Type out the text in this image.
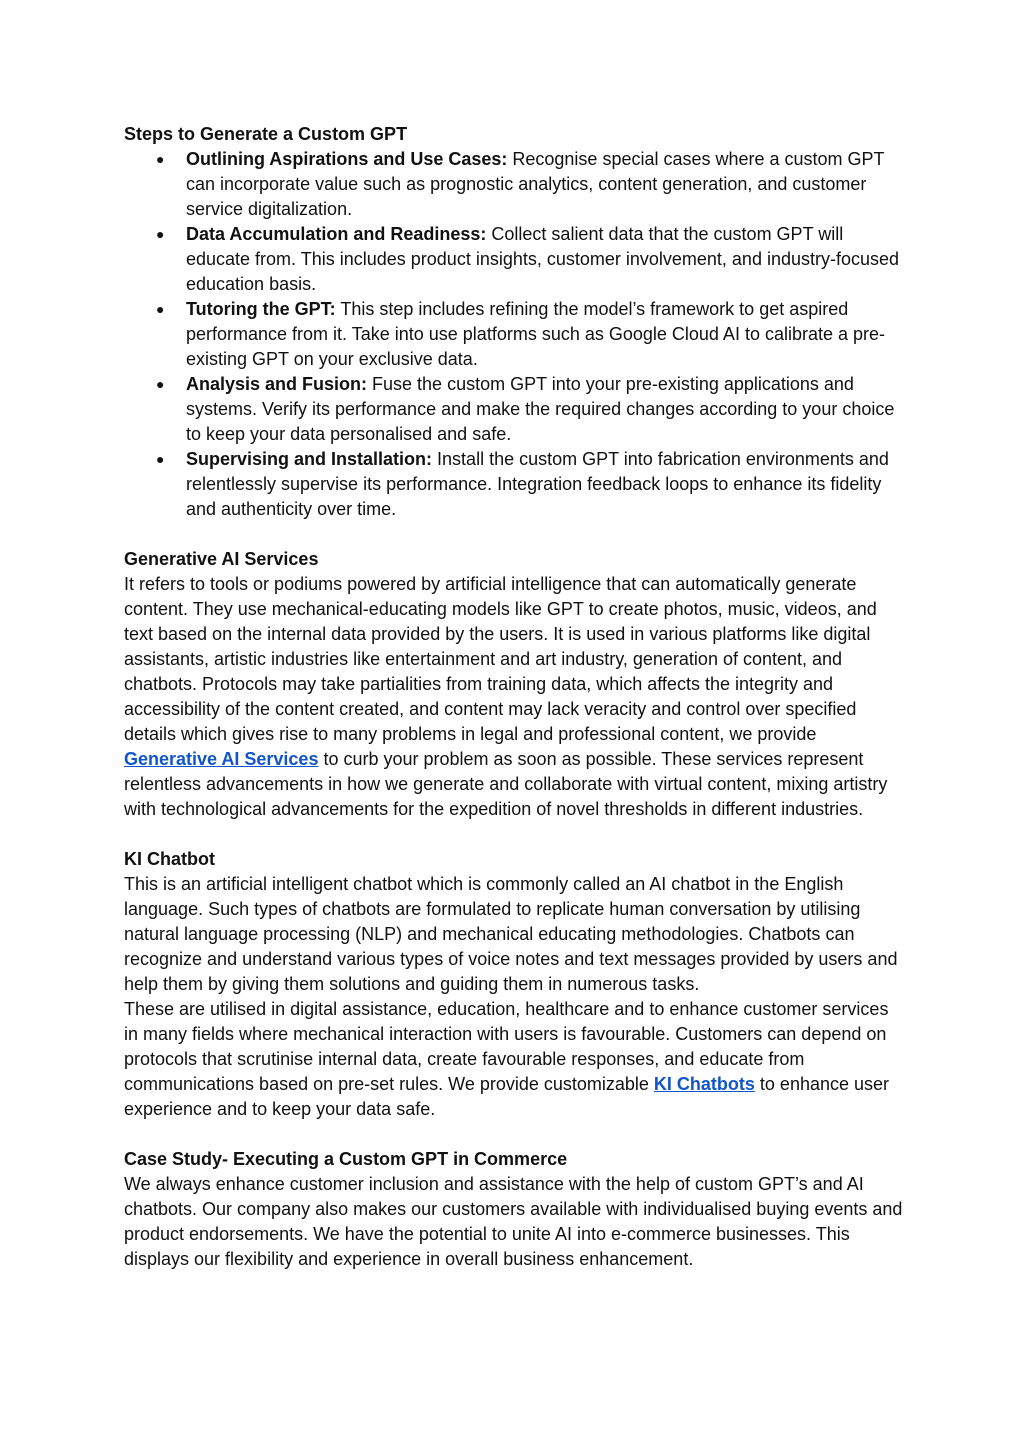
Steps to Generate a Custom GPT

● Outlining Aspirations and Use Cases: Recognise special cases where a custom GPT can incorporate value such as prognostic analytics, content generation, and customer service digitalization.
● Data Accumulation and Readiness: Collect salient data that the custom GPT will educate from. This includes product insights, customer involvement, and industry-focused education basis.
● Tutoring the GPT: This step includes refining the model’s framework to get aspired performance from it. Take into use platforms such as Google Cloud AI to calibrate a pre-existing GPT on your exclusive data.
● Analysis and Fusion: Fuse the custom GPT into your pre-existing applications and systems. Verify its performance and make the required changes according to your choice to keep your data personalised and safe.
● Supervising and Installation: Install the custom GPT into fabrication environments and relentlessly supervise its performance. Integration feedback loops to enhance its fidelity and authenticity over time.

Generative AI Services

It refers to tools or podiums powered by artificial intelligence that can automatically generate content. They use mechanical-educating models like GPT to create photos, music, videos, and text based on the internal data provided by the users. It is used in various platforms like digital assistants, artistic industries like entertainment and art industry, generation of content, and chatbots. Protocols may take partialities from training data, which affects the integrity and accessibility of the content created, and content may lack veracity and control over specified details which gives rise to many problems in legal and professional content, we provide Generative AI Services to curb your problem as soon as possible. These services represent relentless advancements in how we generate and collaborate with virtual content, mixing artistry with technological advancements for the expedition of novel thresholds in different industries.

KI Chatbot

This is an artificial intelligent chatbot which is commonly called an AI chatbot in the English language. Such types of chatbots are formulated to replicate human conversation by utilising natural language processing (NLP) and mechanical educating methodologies. Chatbots can recognize and understand various types of voice notes and text messages provided by users and help them by giving them solutions and guiding them in numerous tasks.

These are utilised in digital assistance, education, healthcare and to enhance customer services in many fields where mechanical interaction with users is favourable. Customers can depend on protocols that scrutinise internal data, create favourable responses, and educate from communications based on pre-set rules. We provide customizable KI Chatbots to enhance user experience and to keep your data safe.

Case Study- Executing a Custom GPT in Commerce

We always enhance customer inclusion and assistance with the help of custom GPT’s and AI chatbots. Our company also makes our customers available with individualised buying events and product endorsements. We have the potential to unite AI into e-commerce businesses. This displays our flexibility and experience in overall business enhancement.
